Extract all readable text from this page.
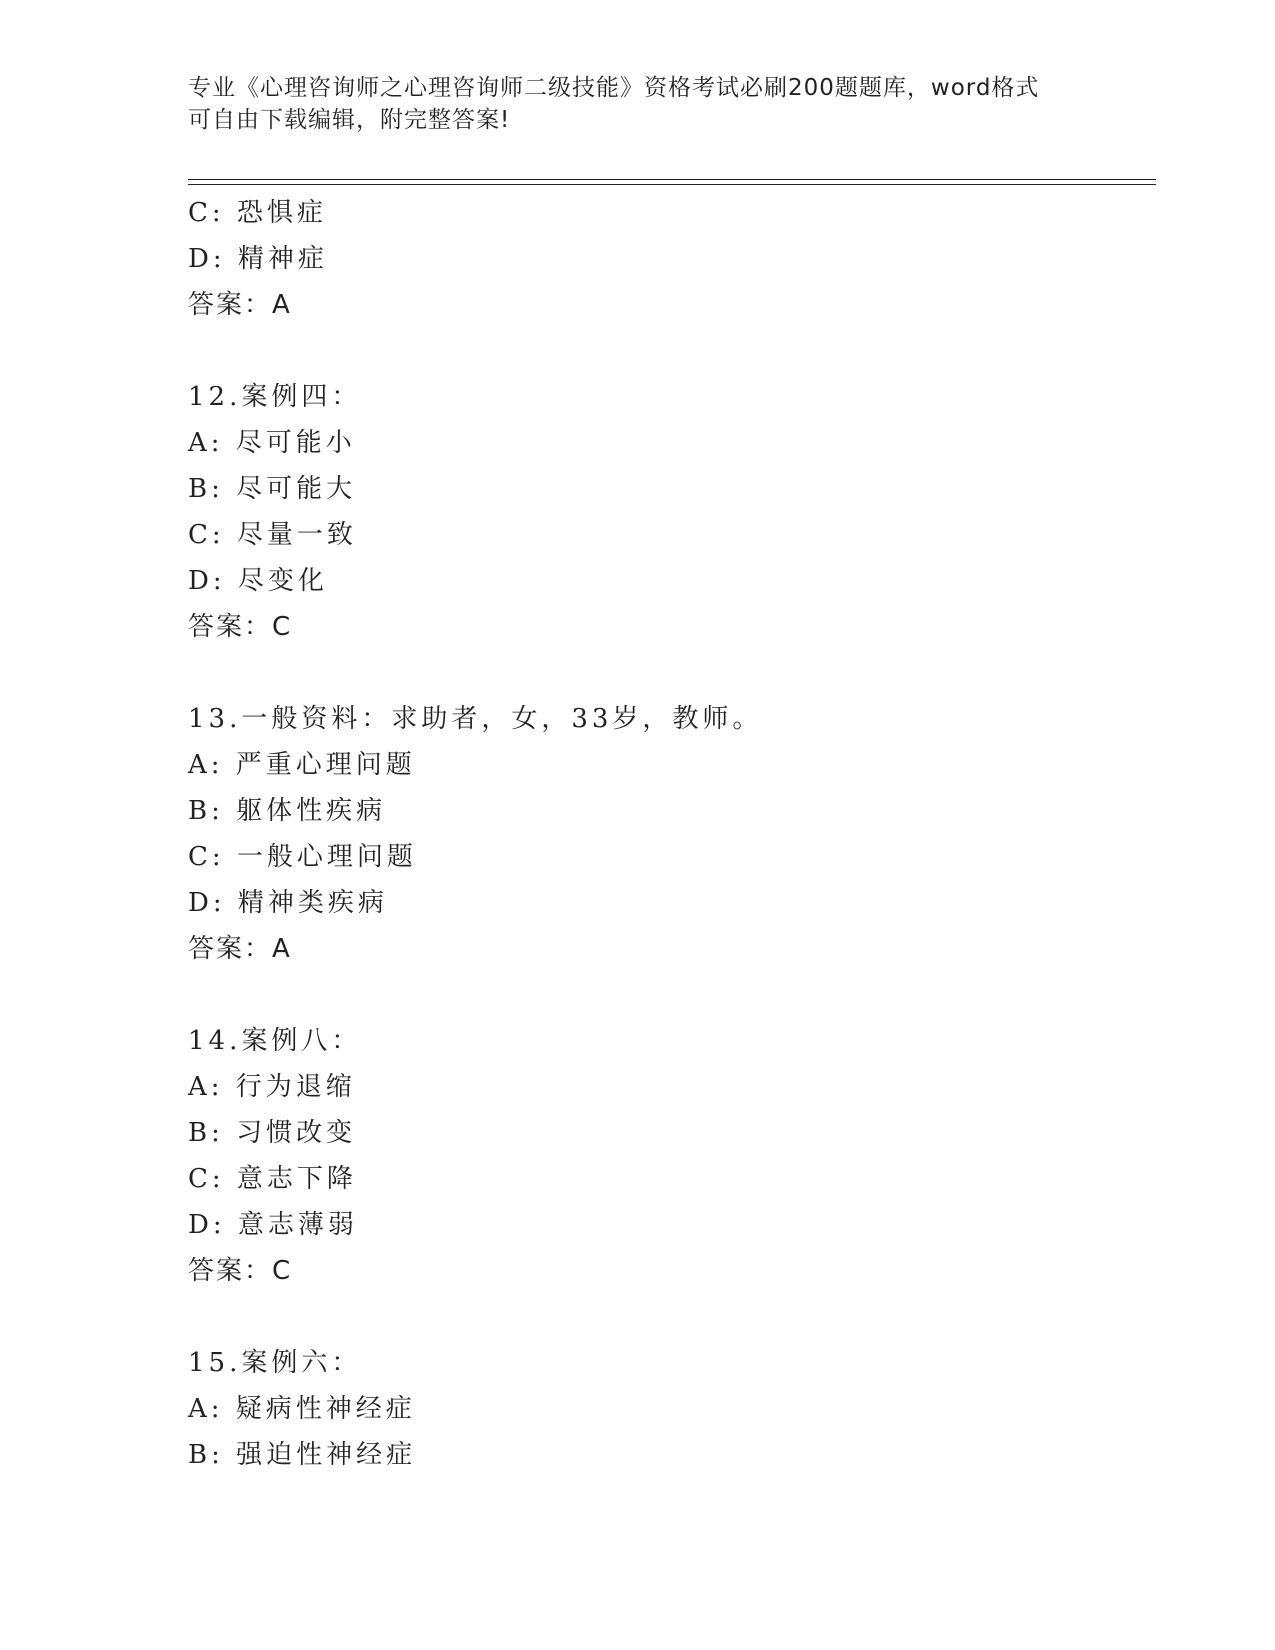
专业《心理咨询师之心理咨询师二级技能》资格考试必刷200题题库，word格式
可自由下载编辑，附完整答案!
C: 恐惧症
D: 精神症
答案：A
12.案例四：
A: 尽可能小
B: 尽可能大
C: 尽量一致
D: 尽变化
答案：C
13.一般资料：求助者，女，33岁，教师。
A: 严重心理问题
B: 躯体性疾病
C: 一般心理问题
D: 精神类疾病
答案：A
14.案例八：
A: 行为退缩
B: 习惯改变
C: 意志下降
D: 意志薄弱
答案：C
15.案例六：
A: 疑病性神经症
B: 强迫性神经症
